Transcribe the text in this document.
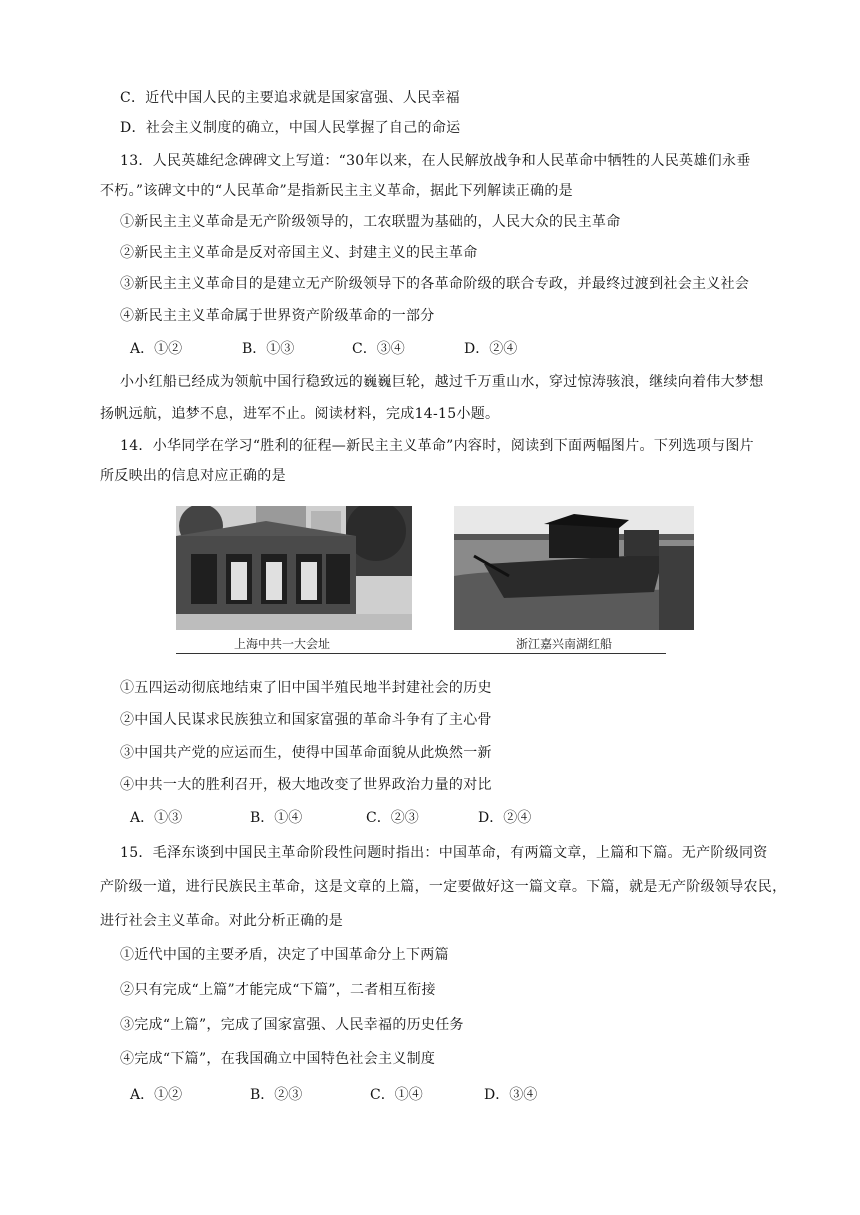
C．近代中国人民的主要追求就是国家富强、人民幸福
D．社会主义制度的确立，中国人民掌握了自己的命运
13．人民英雄纪念碑碑文上写道：“30年以来，在人民解放战争和人民革命中牺牲的人民英雄们永垂
不朽。”该碑文中的“人民革命”是指新民主主义革命，据此下列解读正确的是
①新民主主义革命是无产阶级领导的，工农联盟为基础的，人民大众的民主革命
②新民主主义革命是反对帝国主义、封建主义的民主革命
③新民主主义革命目的是建立无产阶级领导下的各革命阶级的联合专政，并最终过渡到社会主义社会
④新民主主义革命属于世界资产阶级革命的一部分
A．①②	B．①③	C．③④	D．②④
小小红船已经成为领航中国行稳致远的巍巍巨轮，越过千万重山水，穿过惊涛骇浪，继续向着伟大梦想
扬帆远航，追梦不息，进军不止。阅读材料，完成14-15小题。
14．小华同学在学习“胜利的征程—新民主主义革命”内容时，阅读到下面两幅图片。下列选项与图片
所反映出的信息对应正确的是
上海中共一大会址	浙江嘉兴南湖红船
①五四运动彻底地结束了旧中国半殖民地半封建社会的历史
②中国人民谋求民族独立和国家富强的革命斗争有了主心骨
③中国共产党的应运而生，使得中国革命面貌从此焕然一新
④中共一大的胜利召开，极大地改变了世界政治力量的对比
A．①③	B．①④	C．②③	D．②④
15．毛泽东谈到中国民主革命阶段性问题时指出：中国革命，有两篇文章，上篇和下篇。无产阶级同资
产阶级一道，进行民族民主革命，这是文章的上篇，一定要做好这一篇文章。下篇，就是无产阶级领导农民，
进行社会主义革命。对此分析正确的是
①近代中国的主要矛盾，决定了中国革命分上下两篇
②只有完成“上篇”才能完成“下篇”，二者相互衔接
③完成“上篇”，完成了国家富强、人民幸福的历史任务
④完成“下篇”，在我国确立中国特色社会主义制度
A．①②	B．②③	C．①④	D．③④
